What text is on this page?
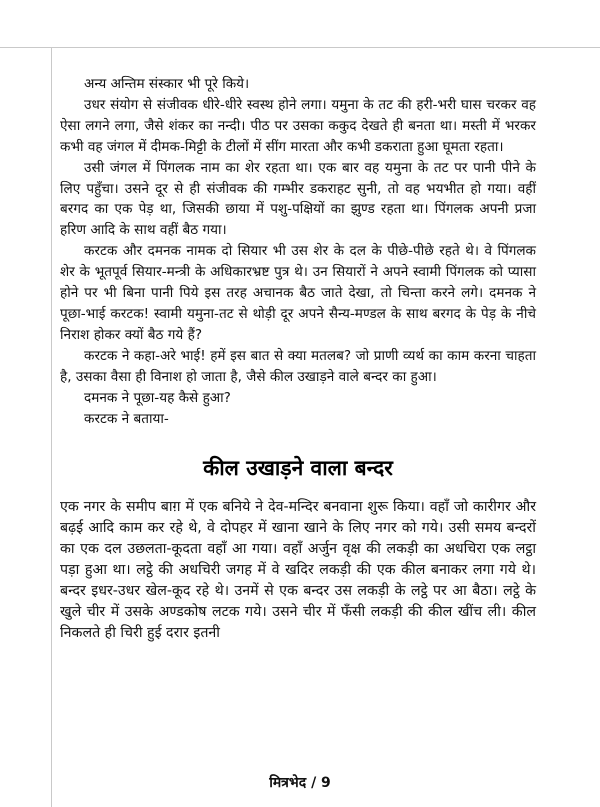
अन्य अन्तिम संस्कार भी पूरे किये।

उधर संयोग से संजीवक धीरे-धीरे स्वस्थ होने लगा। यमुना के तट की हरी-भरी घास चरकर वह ऐसा लगने लगा, जैसे शंकर का नन्दी। पीठ पर उसका ककुद देखते ही बनता था। मस्ती में भरकर कभी वह जंगल में दीमक-मिट्टी के टीलों में सींग मारता और कभी डकराता हुआ घूमता रहता।

उसी जंगल में पिंगलक नाम का शेर रहता था। एक बार वह यमुना के तट पर पानी पीने के लिए पहुँचा। उसने दूर से ही संजीवक की गम्भीर डकराहट सुनी, तो वह भयभीत हो गया। वहीं बरगद का एक पेड़ था, जिसकी छाया में पशु-पक्षियों का झुण्ड रहता था। पिंगलक अपनी प्रजा हरिण आदि के साथ वहीं बैठ गया।

करटक और दमनक नामक दो सियार भी उस शेर के दल के पीछे-पीछे रहते थे। वे पिंगलक शेर के भूतपूर्व सियार-मन्त्री के अधिकारभ्रष्ट पुत्र थे। उन सियारों ने अपने स्वामी पिंगलक को प्यासा होने पर भी बिना पानी पिये इस तरह अचानक बैठ जाते देखा, तो चिन्ता करने लगे। दमनक ने पूछा-भाई करटक! स्वामी यमुना-तट से थोड़ी दूर अपने सैन्य-मण्डल के साथ बरगद के पेड़ के नीचे निराश होकर क्यों बैठ गये हैं?

करटक ने कहा-अरे भाई! हमें इस बात से क्या मतलब? जो प्राणी व्यर्थ का काम करना चाहता है, उसका वैसा ही विनाश हो जाता है, जैसे कील उखाड़ने वाले बन्दर का हुआ।

दमनक ने पूछा-यह कैसे हुआ?

करटक ने बताया-

कील उखाड़ने वाला बन्दर

एक नगर के समीप बाग़ में एक बनिये ने देव-मन्दिर बनवाना शुरू किया। वहाँ जो कारीगर और बढ़ई आदि काम कर रहे थे, वे दोपहर में खाना खाने के लिए नगर को गये। उसी समय बन्दरों का एक दल उछलता-कूदता वहाँ आ गया। वहाँ अर्जुन वृक्ष की लकड़ी का अधचिरा एक लट्ठा पड़ा हुआ था। लट्ठे की अधचिरी जगह में वे खदिर लकड़ी की एक कील बनाकर लगा गये थे। बन्दर इधर-उधर खेल-कूद रहे थे। उनमें से एक बन्दर उस लकड़ी के लट्ठे पर आ बैठा। लट्ठे के खुले चीर में उसके अण्डकोष लटक गये। उसने चीर में फँसी लकड़ी की कील खींच ली। कील निकलते ही चिरी हुई दरार इतनी

मित्रभेद / 9
